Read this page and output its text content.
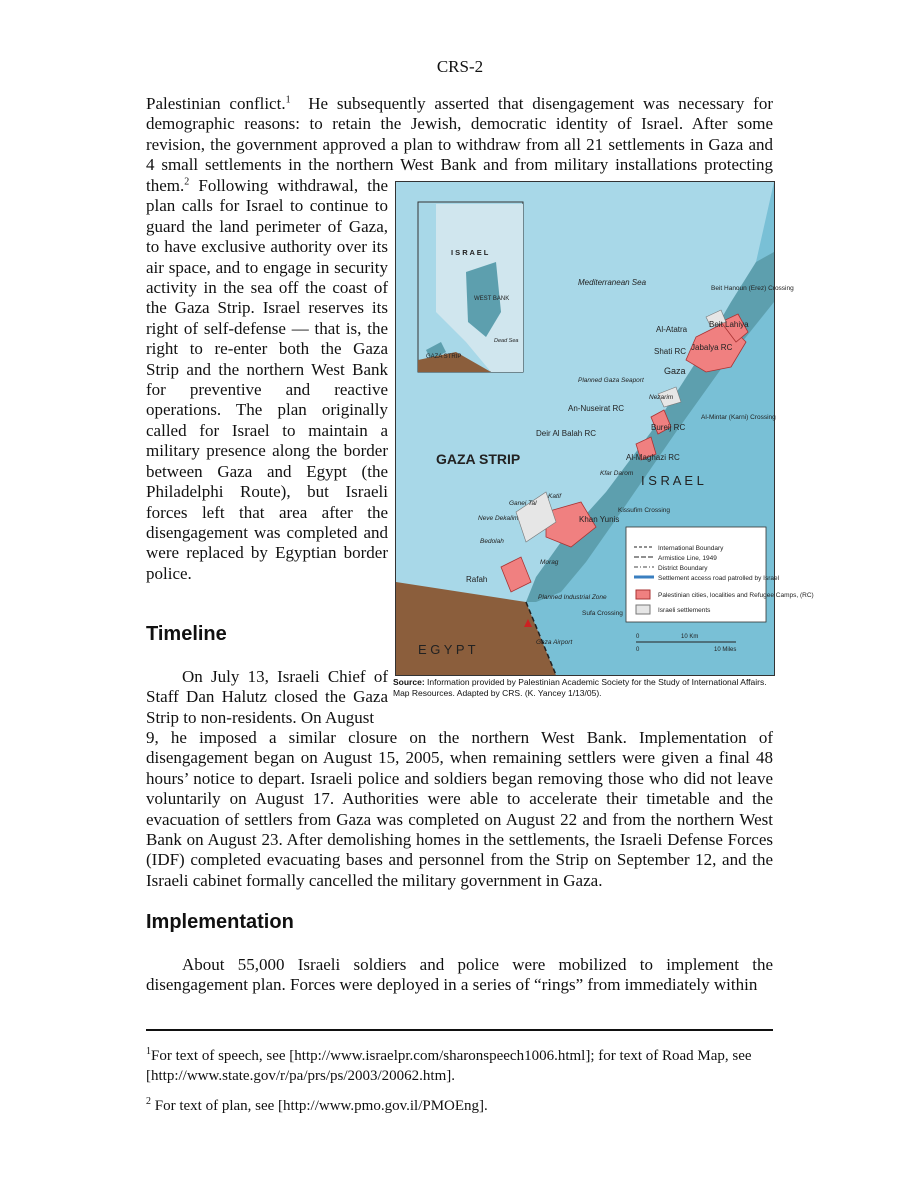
CRS-2
Palestinian conflict.$^1$ He subsequently asserted that disengagement was necessary for
demographic reasons: to retain the Jewish, democratic identity of Israel. After some
revision, the government approved a plan to withdraw from all 21 settlements in Gaza and
4 small settlements in the northern West Bank and from military installations protecting
them.$^2$ Following withdrawal, the plan calls for Israel to continue to guard the land perimeter of Gaza, to have exclusive authority over its air space, and to engage in security activity in the sea off the coast of the Gaza Strip. Israel reserves its right of self-defense — that is, the right to re-enter both the Gaza Strip and the northern West Bank for preventive and reactive operations. The plan originally called for Israel to maintain a military presence along the border between Gaza and Egypt (the Philadelphi Route), but Israeli forces left that area after the disengagement was completed and were replaced by Egyptian border police.
Timeline
On July 13, Israeli Chief of Staff Dan Halutz closed the Gaza Strip to non-residents. On August
9, he imposed a similar closure on the northern West Bank. Implementation of disengagement began on August 15, 2005, when remaining settlers were given a final 48 hours’ notice to depart. Israeli police and soldiers began removing those who did not leave voluntarily on August 17. Authorities were able to accelerate their timetable and the evacuation of settlers from Gaza was completed on August 22 and from the northern West Bank on August 23. After demolishing homes in the settlements, the Israeli Defense Forces (IDF) completed evacuating bases and personnel from the Strip on September 12, and the Israeli cabinet formally cancelled the military government in Gaza.
Implementation
About 55,000 Israeli soldiers and police were mobilized to implement the disengagement plan. Forces were deployed in a series of “rings” from immediately within
I S R A E L
WEST BANK
GAZA STRIP
Dead Sea
Mediterranean Sea
GAZA STRIP
I S R A E L
E G Y P T
Beit Hanoun (Erez) Crossing
Al-Atatra
Beit Lahiya
Shati RC Jabalya RC
Gaza
Planned Gaza Seaport
Nezarim
Al-Mintar (Karni) Crossing
An-Nuseirat RC
Deir Al Balah RC
Bureij RC
Al-Maghazi RC
Kfar Darom
Katif
Ganei Tal
Neve Dekalim	Khan Yunis
Kissufim Crossing
Bedolah
Morag
Rafah
Planned Industrial Zone
Sufa Crossing
Gaza Airport
International Boundary
Armistice Line, 1949
District Boundary
Settlement access road patrolled by Israel
Palestinian cities, localities and Refugee Camps, (RC)
Israeli settlements
0	10 Km
0	10 Miles
Source: Information provided by Palestinian Academic Society for the Study of International Affairs. Map Resources. Adapted by CRS. (K. Yancey 1/13/05).
$^1$For text of speech, see [http://www.israelpr.com/sharonspeech1006.html]; for text of Road Map, see [http://www.state.gov/r/pa/prs/ps/2003/20062.htm].
$^2$ For text of plan, see [http://www.pmo.gov.il/PMOEng].
